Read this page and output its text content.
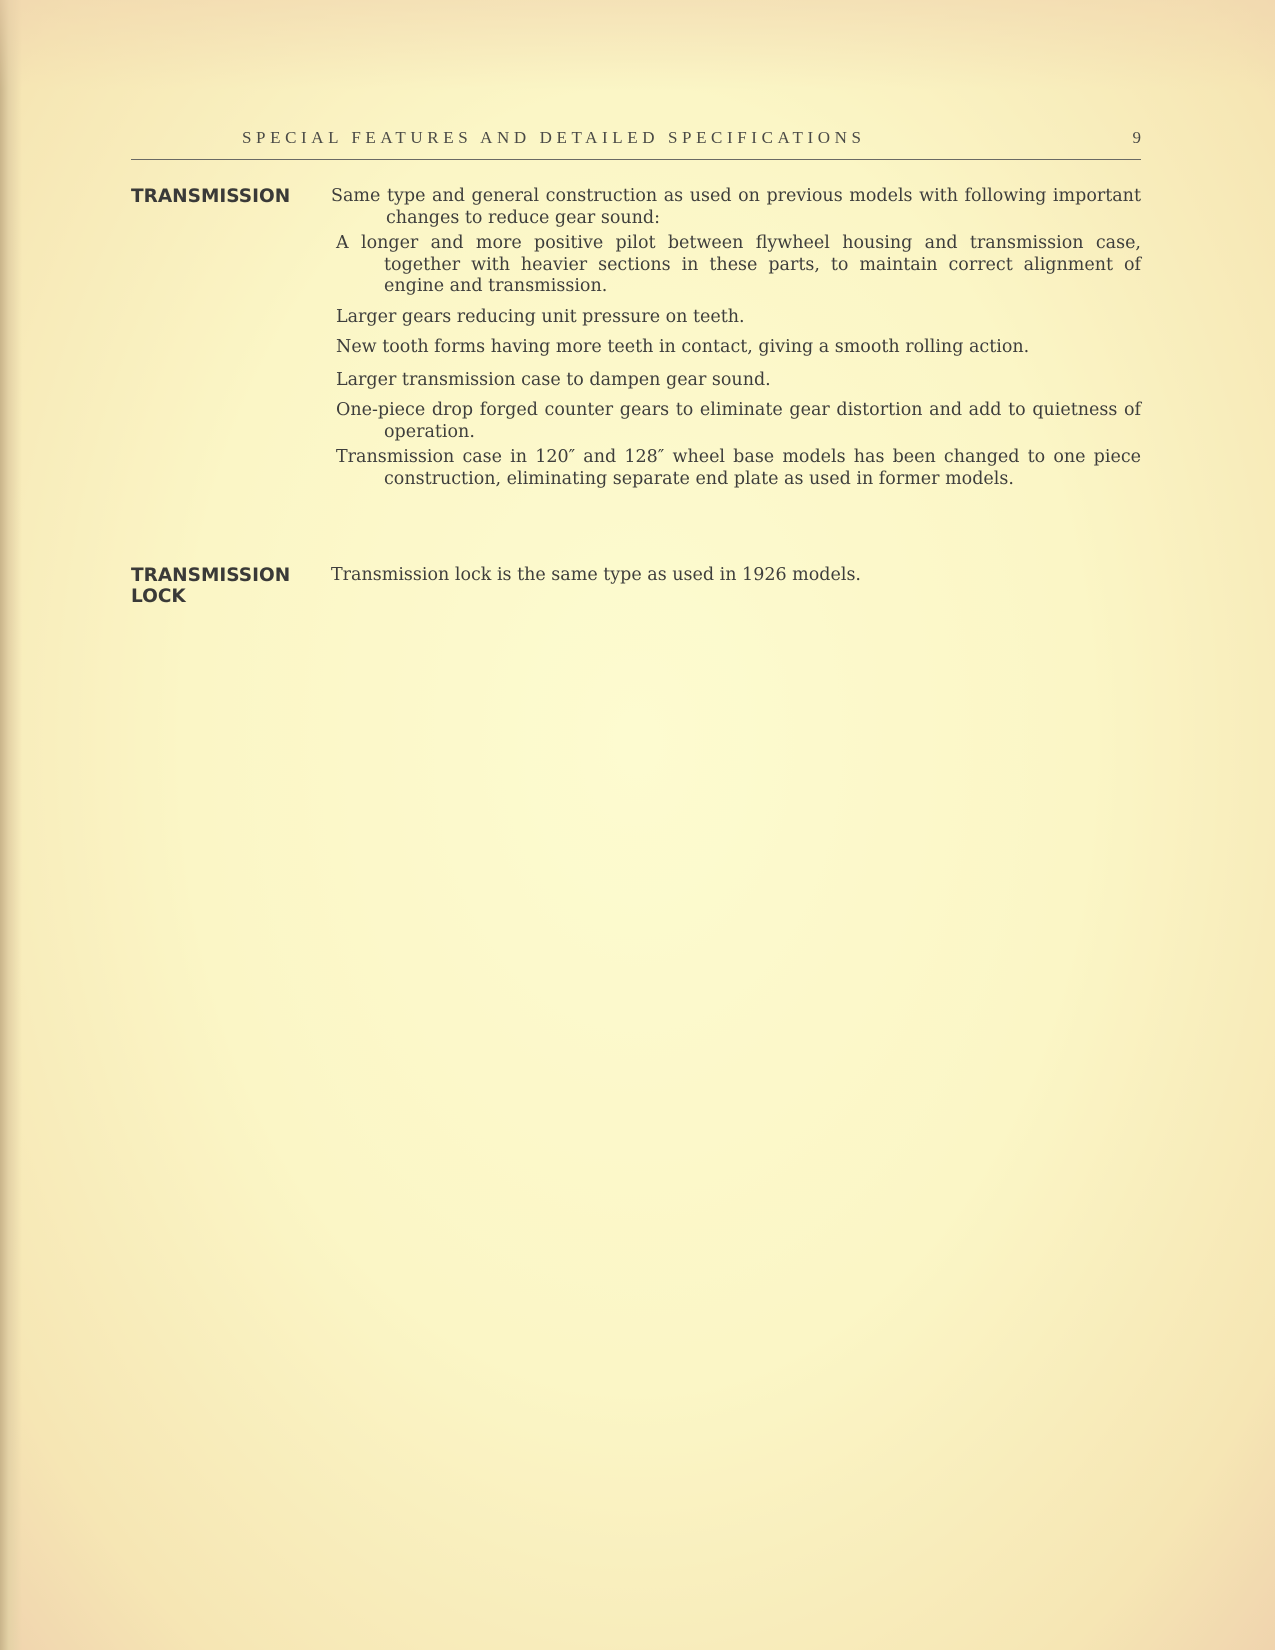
SPECIAL FEATURES AND DETAILED SPECIFICATIONS	9
TRANSMISSION Same type and general construction as used on previous models with following important changes to reduce gear sound:

A longer and more positive pilot between flywheel housing and transmission case, together with heavier sections in these parts, to maintain correct alignment of engine and transmission.

Larger gears reducing unit pressure on teeth.

New tooth forms having more teeth in contact, giving a smooth rolling action.

Larger transmission case to dampen gear sound.

One-piece drop forged counter gears to eliminate gear distortion and add to quietness of operation.

Transmission case in 120″ and 128″ wheel base models has been changed to one piece construction, eliminating separate end plate as used in former models.

TRANSMISSION
LOCK

Transmission lock is the same type as used in 1926 models.
